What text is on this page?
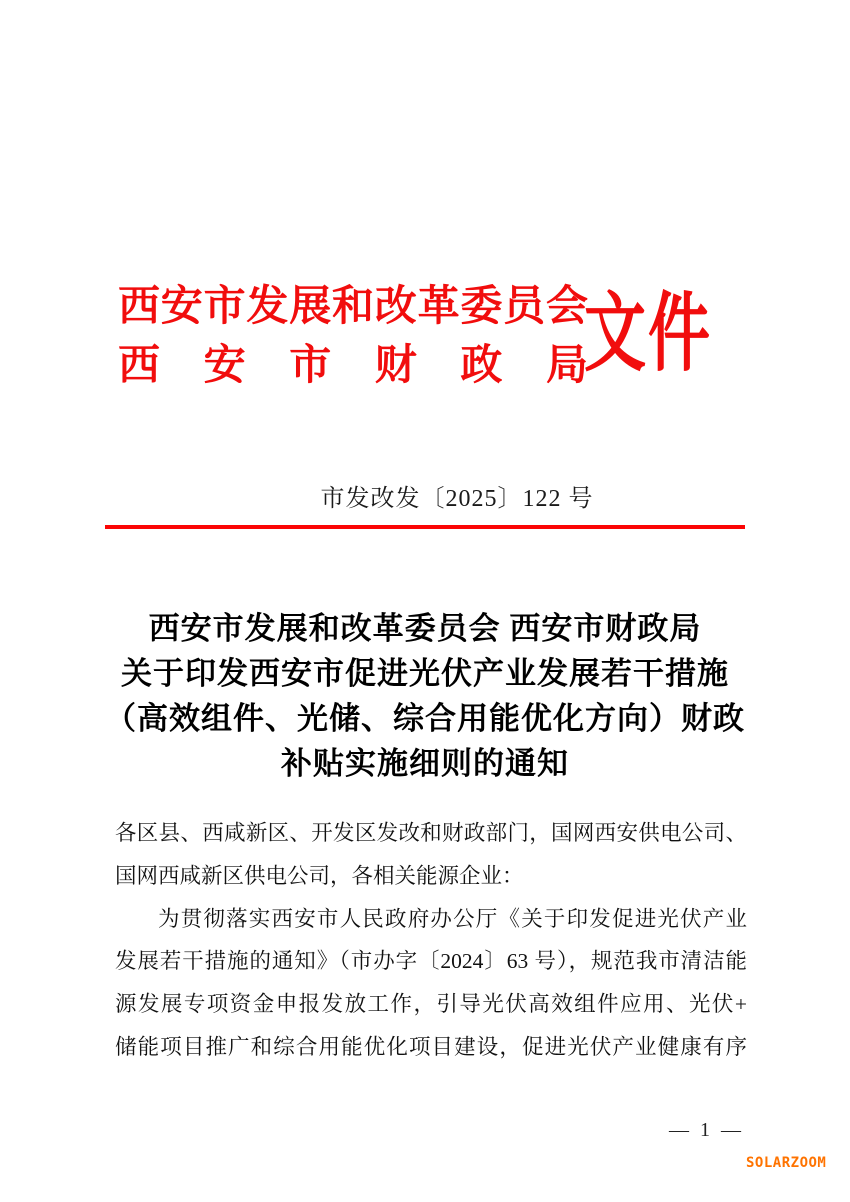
西安市发展和改革委员会
西安市财政局
文件
市发改发〔2025〕122 号
西安市发展和改革委员会 西安市财政局
关于印发西安市促进光伏产业发展若干措施
（高效组件、光储、综合用能优化方向）财政
补贴实施细则的通知
各区县、西咸新区、开发区发改和财政部门，国网西安供电公司、
国网西咸新区供电公司，各相关能源企业：
为贯彻落实西安市人民政府办公厅《关于印发促进光伏产业
发展若干措施的通知》（市办字〔2024〕63 号），规范我市清洁能
源发展专项资金申报发放工作，引导光伏高效组件应用、光伏+
储能项目推广和综合用能优化项目建设，促进光伏产业健康有序
— 1 —
SOLARZOOM
